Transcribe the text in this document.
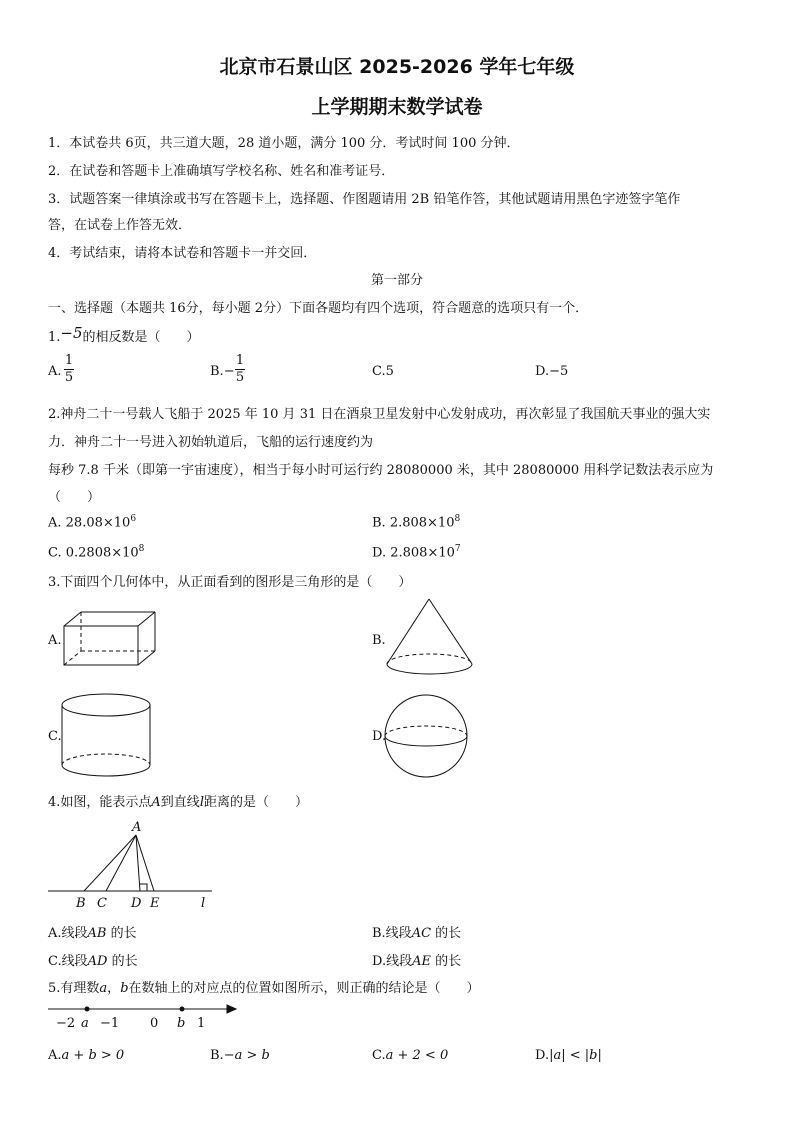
北京市石景山区 2025-2026 学年七年级
上学期期末数学试卷
1．本试卷共 6页，共三道大题，28 道小题，满分 100 分．考试时间 100 分钟．
2．在试卷和答题卡上准确填写学校名称、姓名和准考证号．
3．试题答案一律填涂或书写在答题卡上，选择题、作图题请用 2B 铅笔作答，其他试题请用黑色字迹签字笔作
答，在试卷上作答无效．
4．考试结束，请将本试卷和答题卡一并交回．
第一部分
一、选择题（本题共 16分，每小题 2分）下面各题均有四个选项，符合题意的选项只有一个．
1.−5的相反数是（　　）
A.
1
5	B.−
1
5	C.5	D.−5
2.神舟二十一号载人飞船于 2025 年 10 月 31 日在酒泉卫星发射中心发射成功，再次彰显了我国航天事业的强大实
力．神舟二十一号进入初始轨道后，飞船的运行速度约为
每秒 7.8 千米（即第一宇宙速度），相当于每小时可运行约 28080000 米，其中 28080000 用科学记数法表示应为
（　　）
A. $28.08\times 10^6$	B. $2.808\times 10^8$
C. $0.2808\times 10^8$	D. $2.808\times 10^7$
3.下面四个几何体中，从正面看到的图形是三角形的是（　　）
A.	B.
C.	D.
4.如图，能表示点A到直线l距离的是（　　）
A
B C D E	l
A.线段AB 的长	B.线段AC 的长
C.线段AD 的长	D.线段AE 的长
5.有理数a，b在数轴上的对应点的位置如图所示，则正确的结论是（　　）
−2 a −1 0 b 1
A.a + b > 0	B.−a > b	C.a + 2 < 0	D.|a| < |b|
